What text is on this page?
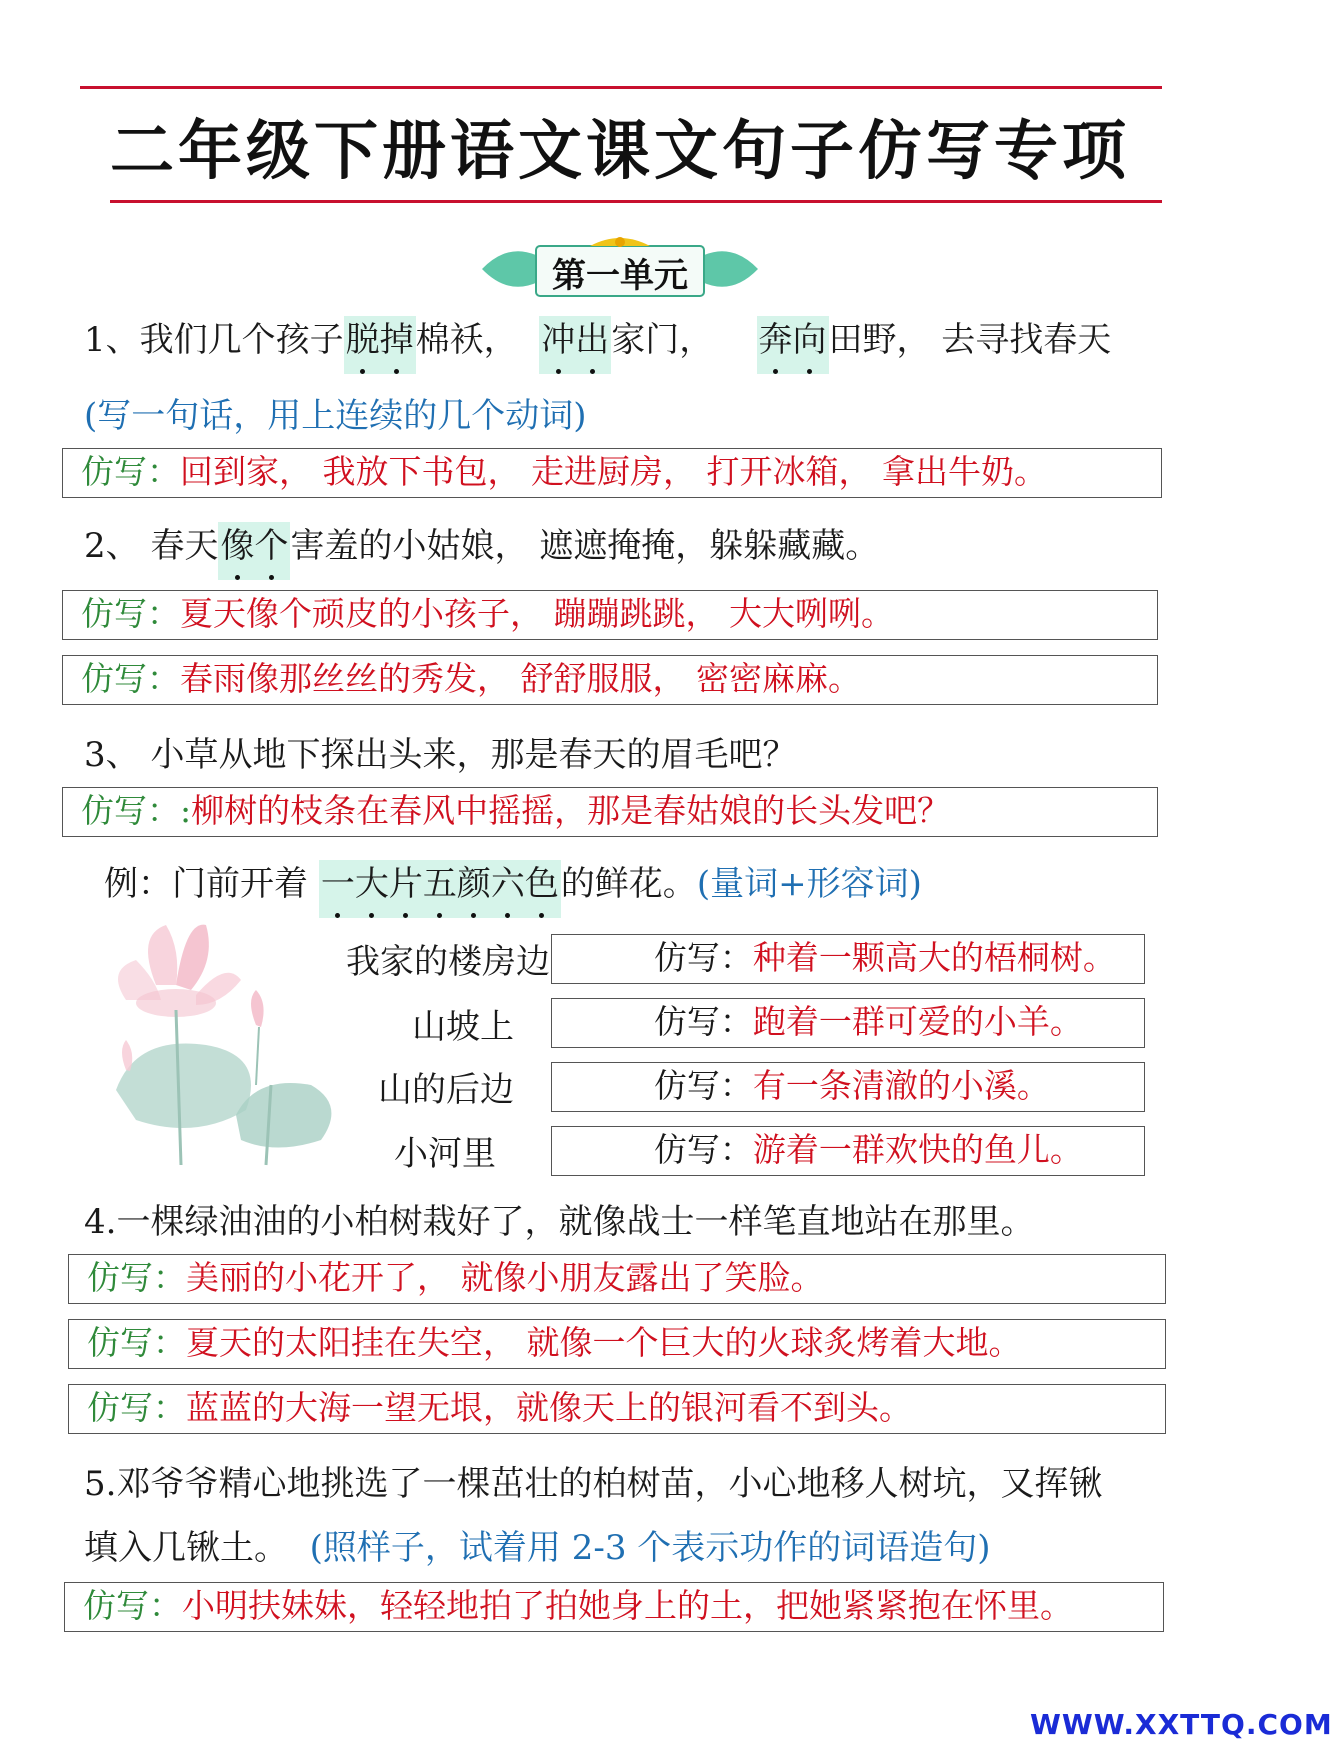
二年级下册语文课文句子仿写专项
第一单元
1、我们几个孩子脱掉棉袄， 冲出家门， 奔向田野， 去寻找春天
(写一句话，用上连续的几个动词)
仿写：回到家， 我放下书包， 走进厨房， 打开冰箱， 拿出牛奶。
2、 春天像个害羞的小姑娘， 遮遮掩掩，躲躲藏藏。
仿写：夏天像个顽皮的小孩子， 蹦蹦跳跳， 大大咧咧。
仿写：春雨像那丝丝的秀发， 舒舒服服， 密密麻麻。
3、 小草从地下探出头来，那是春天的眉毛吧？
仿写：:柳树的枝条在春风中摇摇，那是春姑娘的长头发吧？
例：门前开着 一大片五颜六色的鲜花。(量词+形容词)
我家的楼房边	仿写：种着一颗高大的梧桐树。
山坡上	仿写：跑着一群可爱的小羊。
山的后边	仿写：有一条清澈的小溪。
小河里	仿写：游着一群欢快的鱼儿。
4.一棵绿油油的小柏树栽好了，就像战士一样笔直地站在那里。
仿写：美丽的小花开了， 就像小朋友露出了笑脸。
仿写：夏天的太阳挂在失空， 就像一个巨大的火球炙烤着大地。
仿写：蓝蓝的大海一望无垠，就像天上的银河看不到头。
5.邓爷爷精心地挑选了一棵茁壮的柏树苗，小心地移人树坑，又挥锹
填入几锹土。 (照样子，试着用 2-3 个表示功作的词语造句)
仿写：小明扶妹妹，轻轻地拍了拍她身上的土，把她紧紧抱在怀里。
WWW.XXTTQ.COM
